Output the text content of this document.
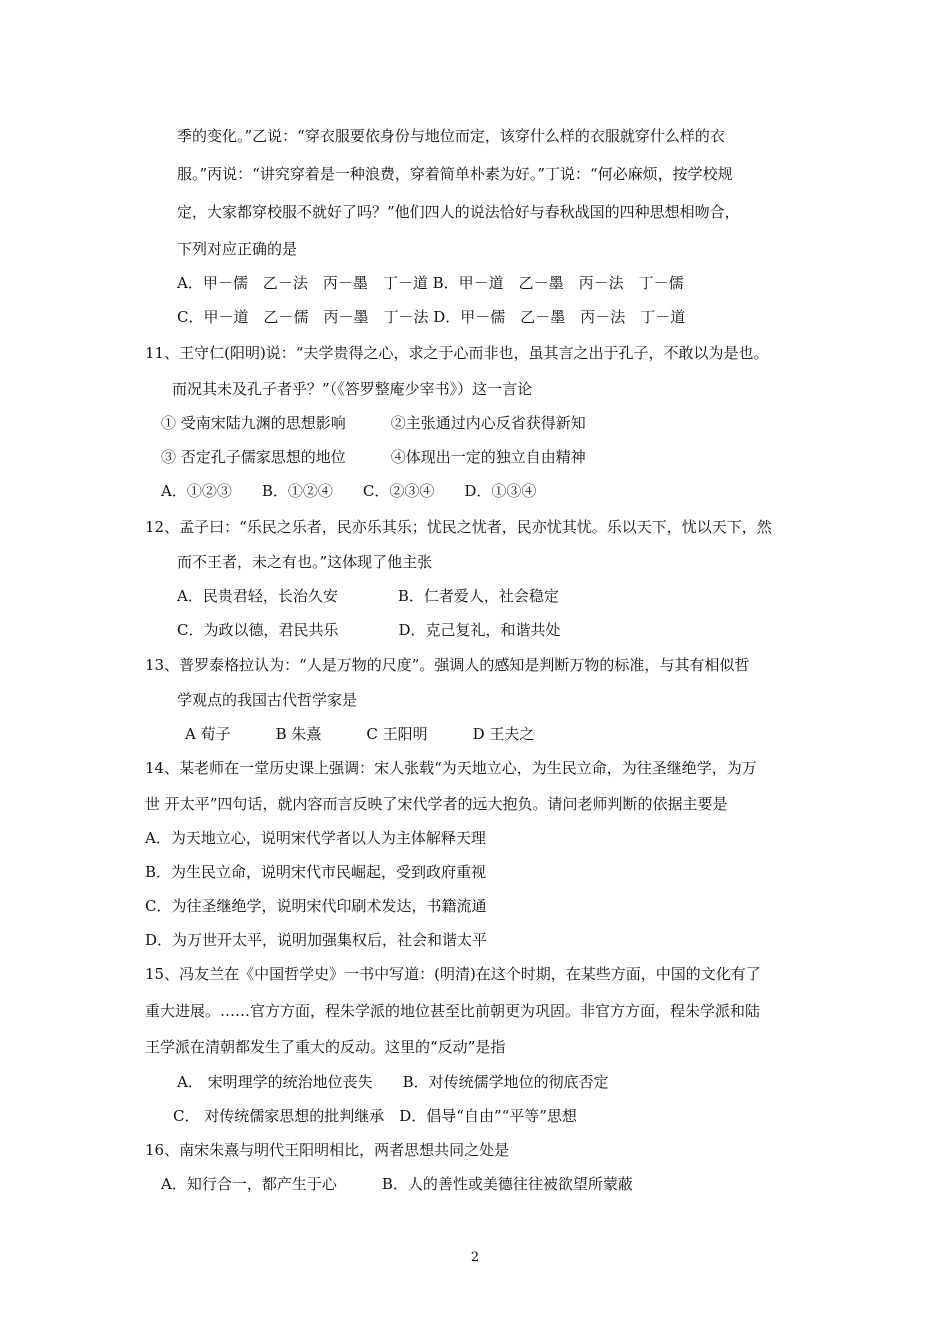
季的变化。”乙说：“穿衣服要依身份与地位而定，该穿什么样的衣服就穿什么样的衣
服。”丙说：“讲究穿着是一种浪费，穿着简单朴素为好。”丁说：“何必麻烦，按学校规
定，大家都穿校服不就好了吗？”他们四人的说法恰好与春秋战国的四种思想相吻合，
下列对应正确的是
A．甲－儒　乙－法　丙－墨　丁－道 B．甲－道　乙－墨　丙－法　丁－儒
C．甲－道　乙－儒　丙－墨　丁－法 D．甲－儒　乙－墨　丙－法　丁－道
11、王守仁(阳明)说：“夫学贵得之心，求之于心而非也，虽其言之出于孔子，不敢以为是也。
而况其未及孔子者乎？”（《答罗整庵少宰书》）这一言论
① 受南宋陆九渊的思想影响　　　②主张通过内心反省获得新知
③ 否定孔子儒家思想的地位　　　④体现出一定的独立自由精神
A．①②③　　B．①②④　　C．②③④　　D．①③④
12、孟子曰：“乐民之乐者，民亦乐其乐；忧民之忧者，民亦忧其忧。乐以天下，忧以天下，然
而不王者，未之有也。”这体现了他主张
A．民贵君轻，长治久安　　　　B．仁者爱人，社会稳定
C．为政以德，君民共乐　　　　D．克己复礼，和谐共处
13、普罗泰格拉认为：“人是万物的尺度”。强调人的感知是判断万物的标准，与其有相似哲
学观点的我国古代哲学家是
A 荀子　　　B 朱熹　　　C 王阳明　　　D 王夫之
14、某老师在一堂历史课上强调：宋人张载“为天地立心，为生民立命，为往圣继绝学，为万
世 开太平”四句话，就内容而言反映了宋代学者的远大抱负。请问老师判断的依据主要是
A．为天地立心，说明宋代学者以人为主体解释天理
B．为生民立命，说明宋代市民崛起，受到政府重视
C．为往圣继绝学，说明宋代印刷术发达，书籍流通
D．为万世开太平，说明加强集权后，社会和谐太平
15、冯友兰在《中国哲学史》一书中写道：(明清)在这个时期，在某些方面，中国的文化有了
重大进展。……官方方面，程朱学派的地位甚至比前朝更为巩固。非官方方面，程朱学派和陆
王学派在清朝都发生了重大的反动。这里的“反动”是指
A． 宋明理学的统治地位丧失　　B．对传统儒学地位的彻底否定
C． 对传统儒家思想的批判继承　D．倡导“自由”“平等”思想
16、南宋朱熹与明代王阳明相比，两者思想共同之处是
A．知行合一，都产生于心　　　B．人的善性或美德往往被欲望所蒙蔽
2
